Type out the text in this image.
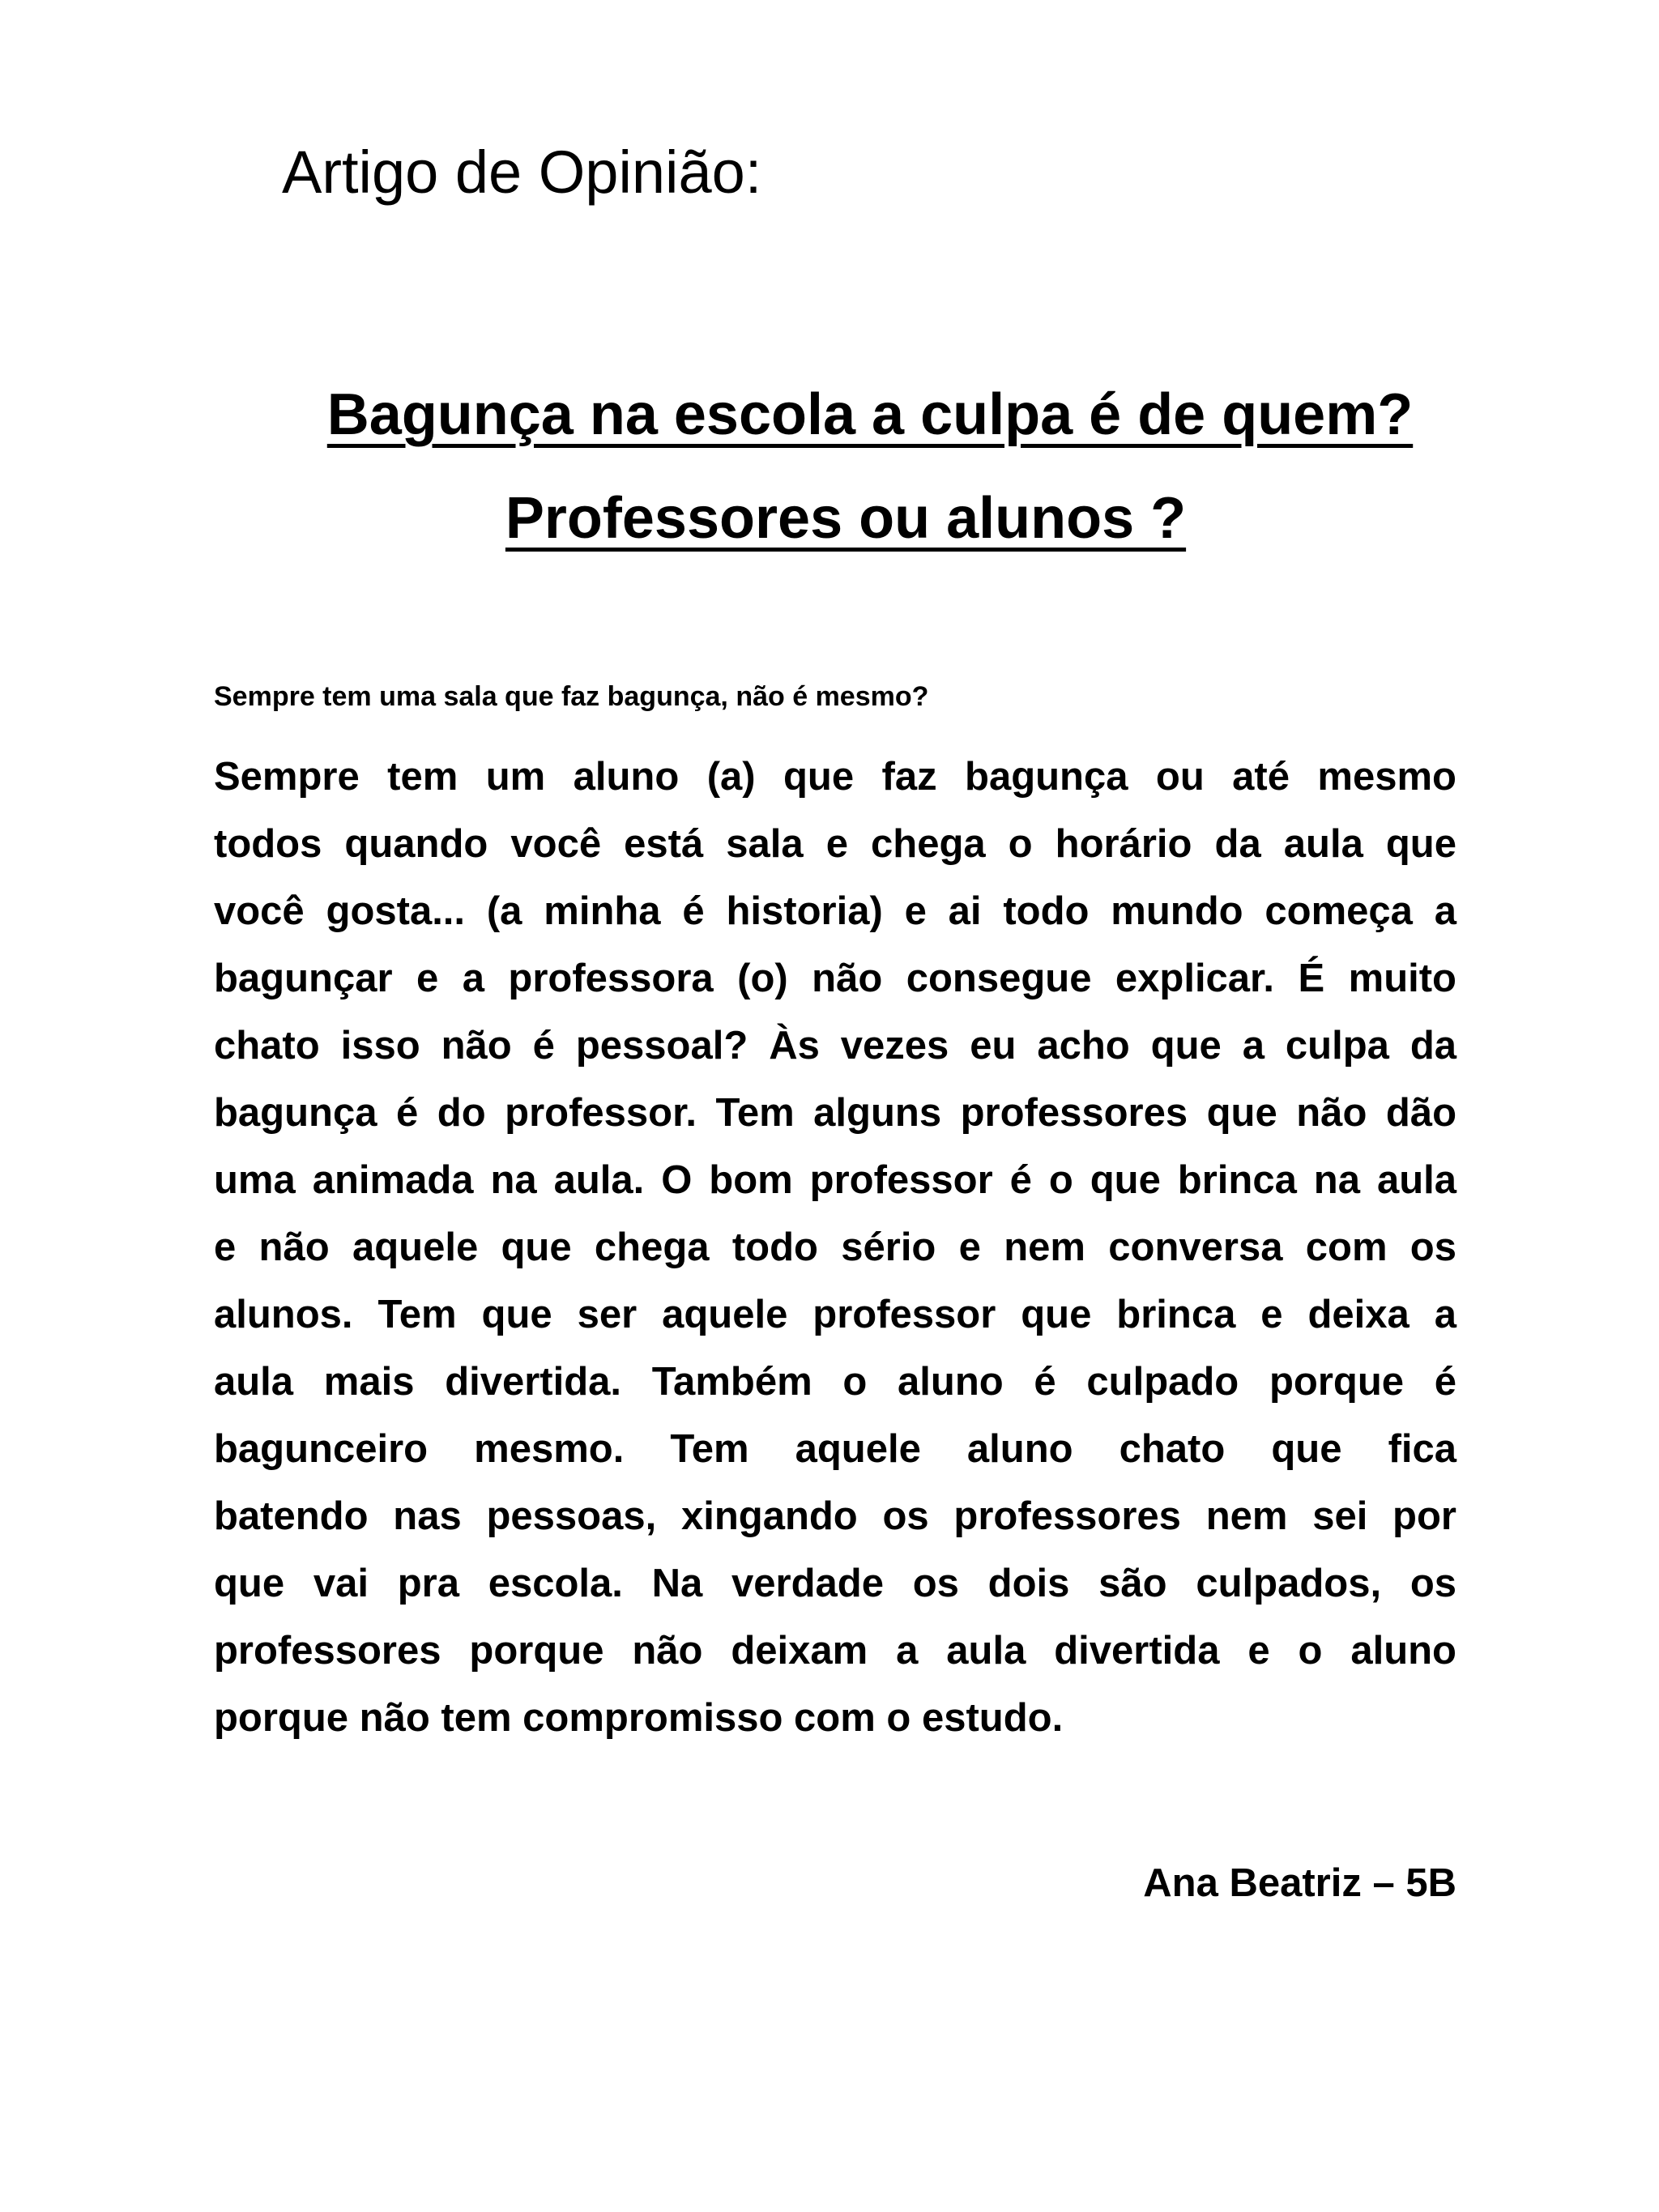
Artigo de Opinião:
Bagunça na escola a culpa é de quem?
Professores ou alunos ?
Sempre tem uma sala que faz bagunça, não é mesmo?
Sempre tem um aluno (a) que faz bagunça ou até mesmo
todos quando você está sala e chega o horário da aula que
você gosta... (a minha é historia) e ai todo mundo começa a
bagunçar e a professora (o) não consegue explicar. É muito
chato isso não é pessoal? Às vezes eu acho que a culpa da
bagunça é do professor. Tem alguns professores que não dão
uma animada na aula. O bom professor é o que brinca na aula
e não aquele que chega todo sério e nem conversa com os
alunos. Tem que ser aquele professor que brinca e deixa a
aula mais divertida. Também o aluno é culpado porque é
bagunceiro mesmo. Tem aquele aluno chato que fica
batendo nas pessoas, xingando os professores nem sei por
que vai pra escola. Na verdade os dois são culpados, os
professores porque não deixam a aula divertida e o aluno
porque não tem compromisso com o estudo.
Ana Beatriz – 5B
